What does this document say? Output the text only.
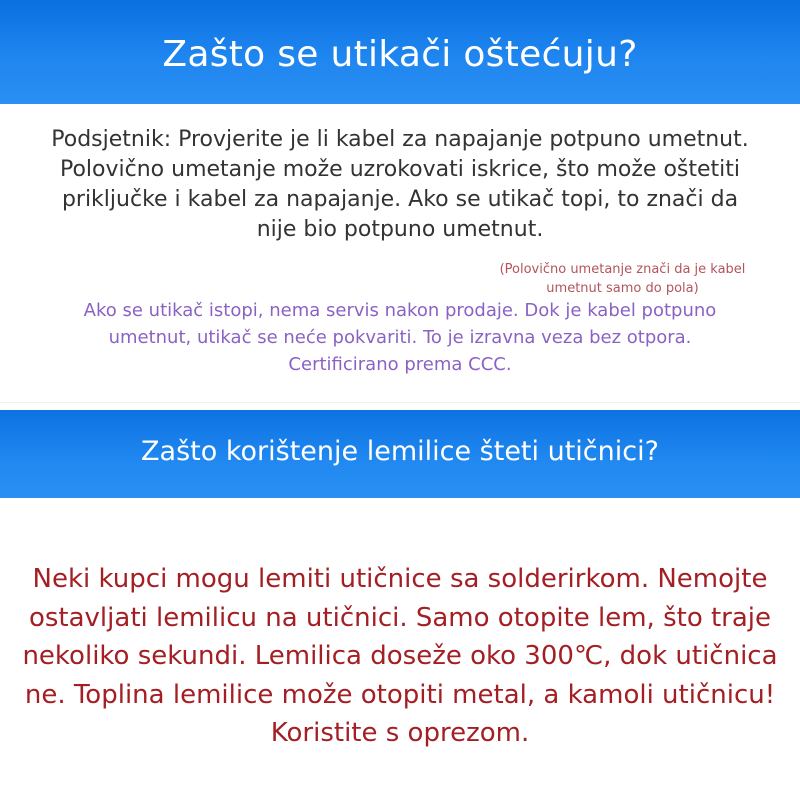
Zašto se utikači oštećuju?

Podsjetnik: Provjerite je li kabel za napajanje potpuno umetnut. Polovično umetanje može uzrokovati iskrice, što može oštetiti priključke i kabel za napajanje. Ako se utikač topi, to znači da nije bio potpuno umetnut.

(Polovično umetanje znači da je kabel umetnut samo do pola)

Ako se utikač istopi, nema servis nakon prodaje. Dok je kabel potpuno umetnut, utikač se neće pokvariti. To je izravna veza bez otpora. Certificirano prema CCC.

Zašto korištenje lemilice šteti utičnici?

Neki kupci mogu lemiti utičnice sa solderirkom. Nemojte ostavljati lemilicu na utičnici. Samo otopite lem, što traje nekoliko sekundi. Lemilica doseže oko 300℃, dok utičnica ne. Toplina lemilice može otopiti metal, a kamoli utičnicu! Koristite s oprezom.
